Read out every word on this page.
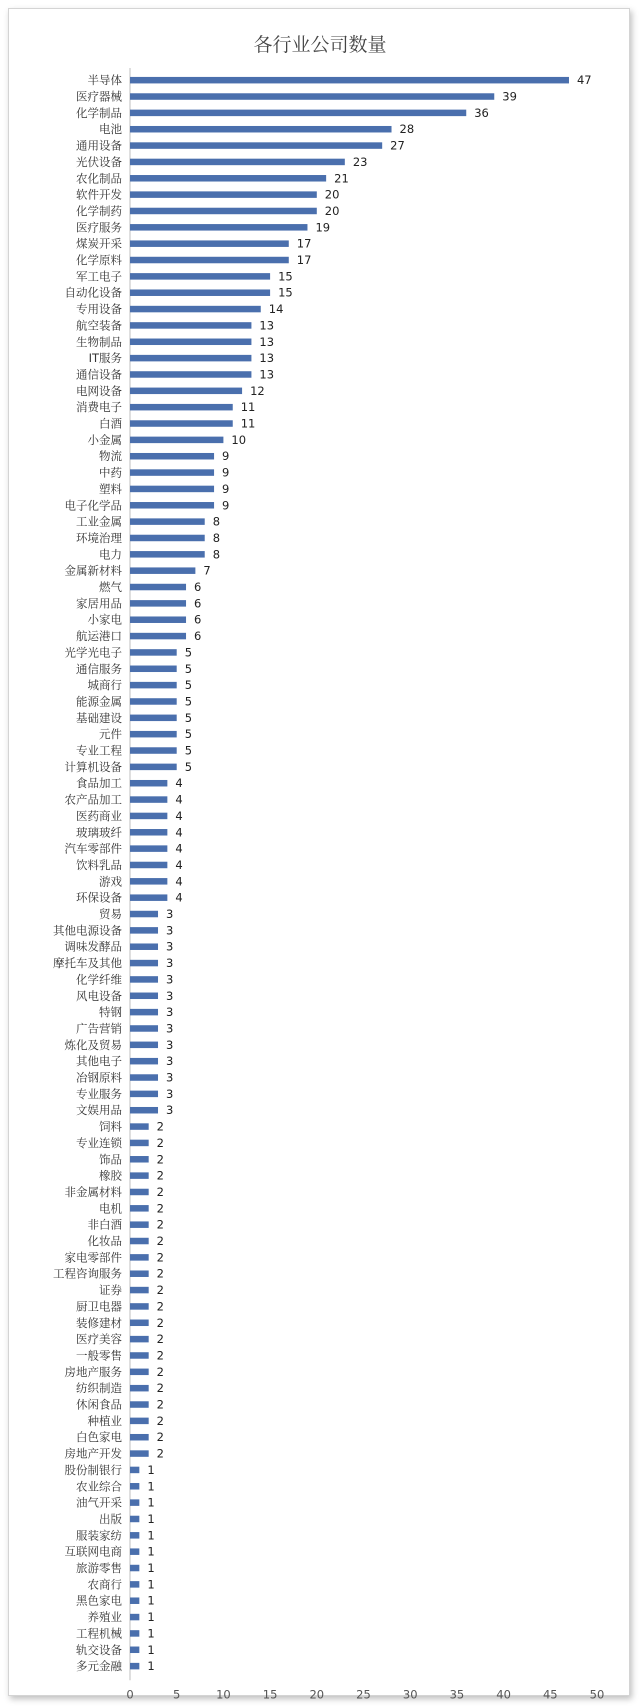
各行业公司数量
0	5	10	15	20	25	30	35	40	45	50
半导体	47
医疗器械	39
化学制品	36
电池	28
通用设备	27
光伏设备	23
农化制品	21
软件开发	20
化学制药	20
医疗服务	19
煤炭开采	17
化学原料	17
军工电子	15
自动化设备	15
专用设备	14
航空装备	13
生物制品	13
IT服务	13
通信设备	13
电网设备	12
消费电子	11
白酒	11
小金属	10
物流	9
中药	9
塑料	9
电子化学品	9
工业金属	8
环境治理	8
电力	8
金属新材料	7
燃气	6
家居用品	6
小家电	6
航运港口	6
光学光电子	5
通信服务	5
城商行	5
能源金属	5
基础建设	5
元件	5
专业工程	5
计算机设备	5
食品加工	4
农产品加工	4
医药商业	4
玻璃玻纤	4
汽车零部件	4
饮料乳品	4
游戏	4
环保设备	4
贸易	3
其他电源设备	3
调味发酵品	3
摩托车及其他	3
化学纤维	3
风电设备	3
特钢	3
广告营销	3
炼化及贸易	3
其他电子	3
冶钢原料	3
专业服务	3
文娱用品	3
饲料	2
专业连锁	2
饰品	2
橡胶	2
非金属材料	2
电机	2
非白酒	2
化妆品	2
家电零部件	2
工程咨询服务	2
证券	2
厨卫电器	2
装修建材	2
医疗美容	2
一般零售	2
房地产服务	2
纺织制造	2
休闲食品	2
种植业	2
白色家电	2
房地产开发	2
股份制银行 1
农业综合 1
油气开采 1
出版 1
服装家纺 1
互联网电商 1
旅游零售 1
农商行 1
黑色家电 1
养殖业 1
工程机械 1
轨交设备 1
多元金融 1
